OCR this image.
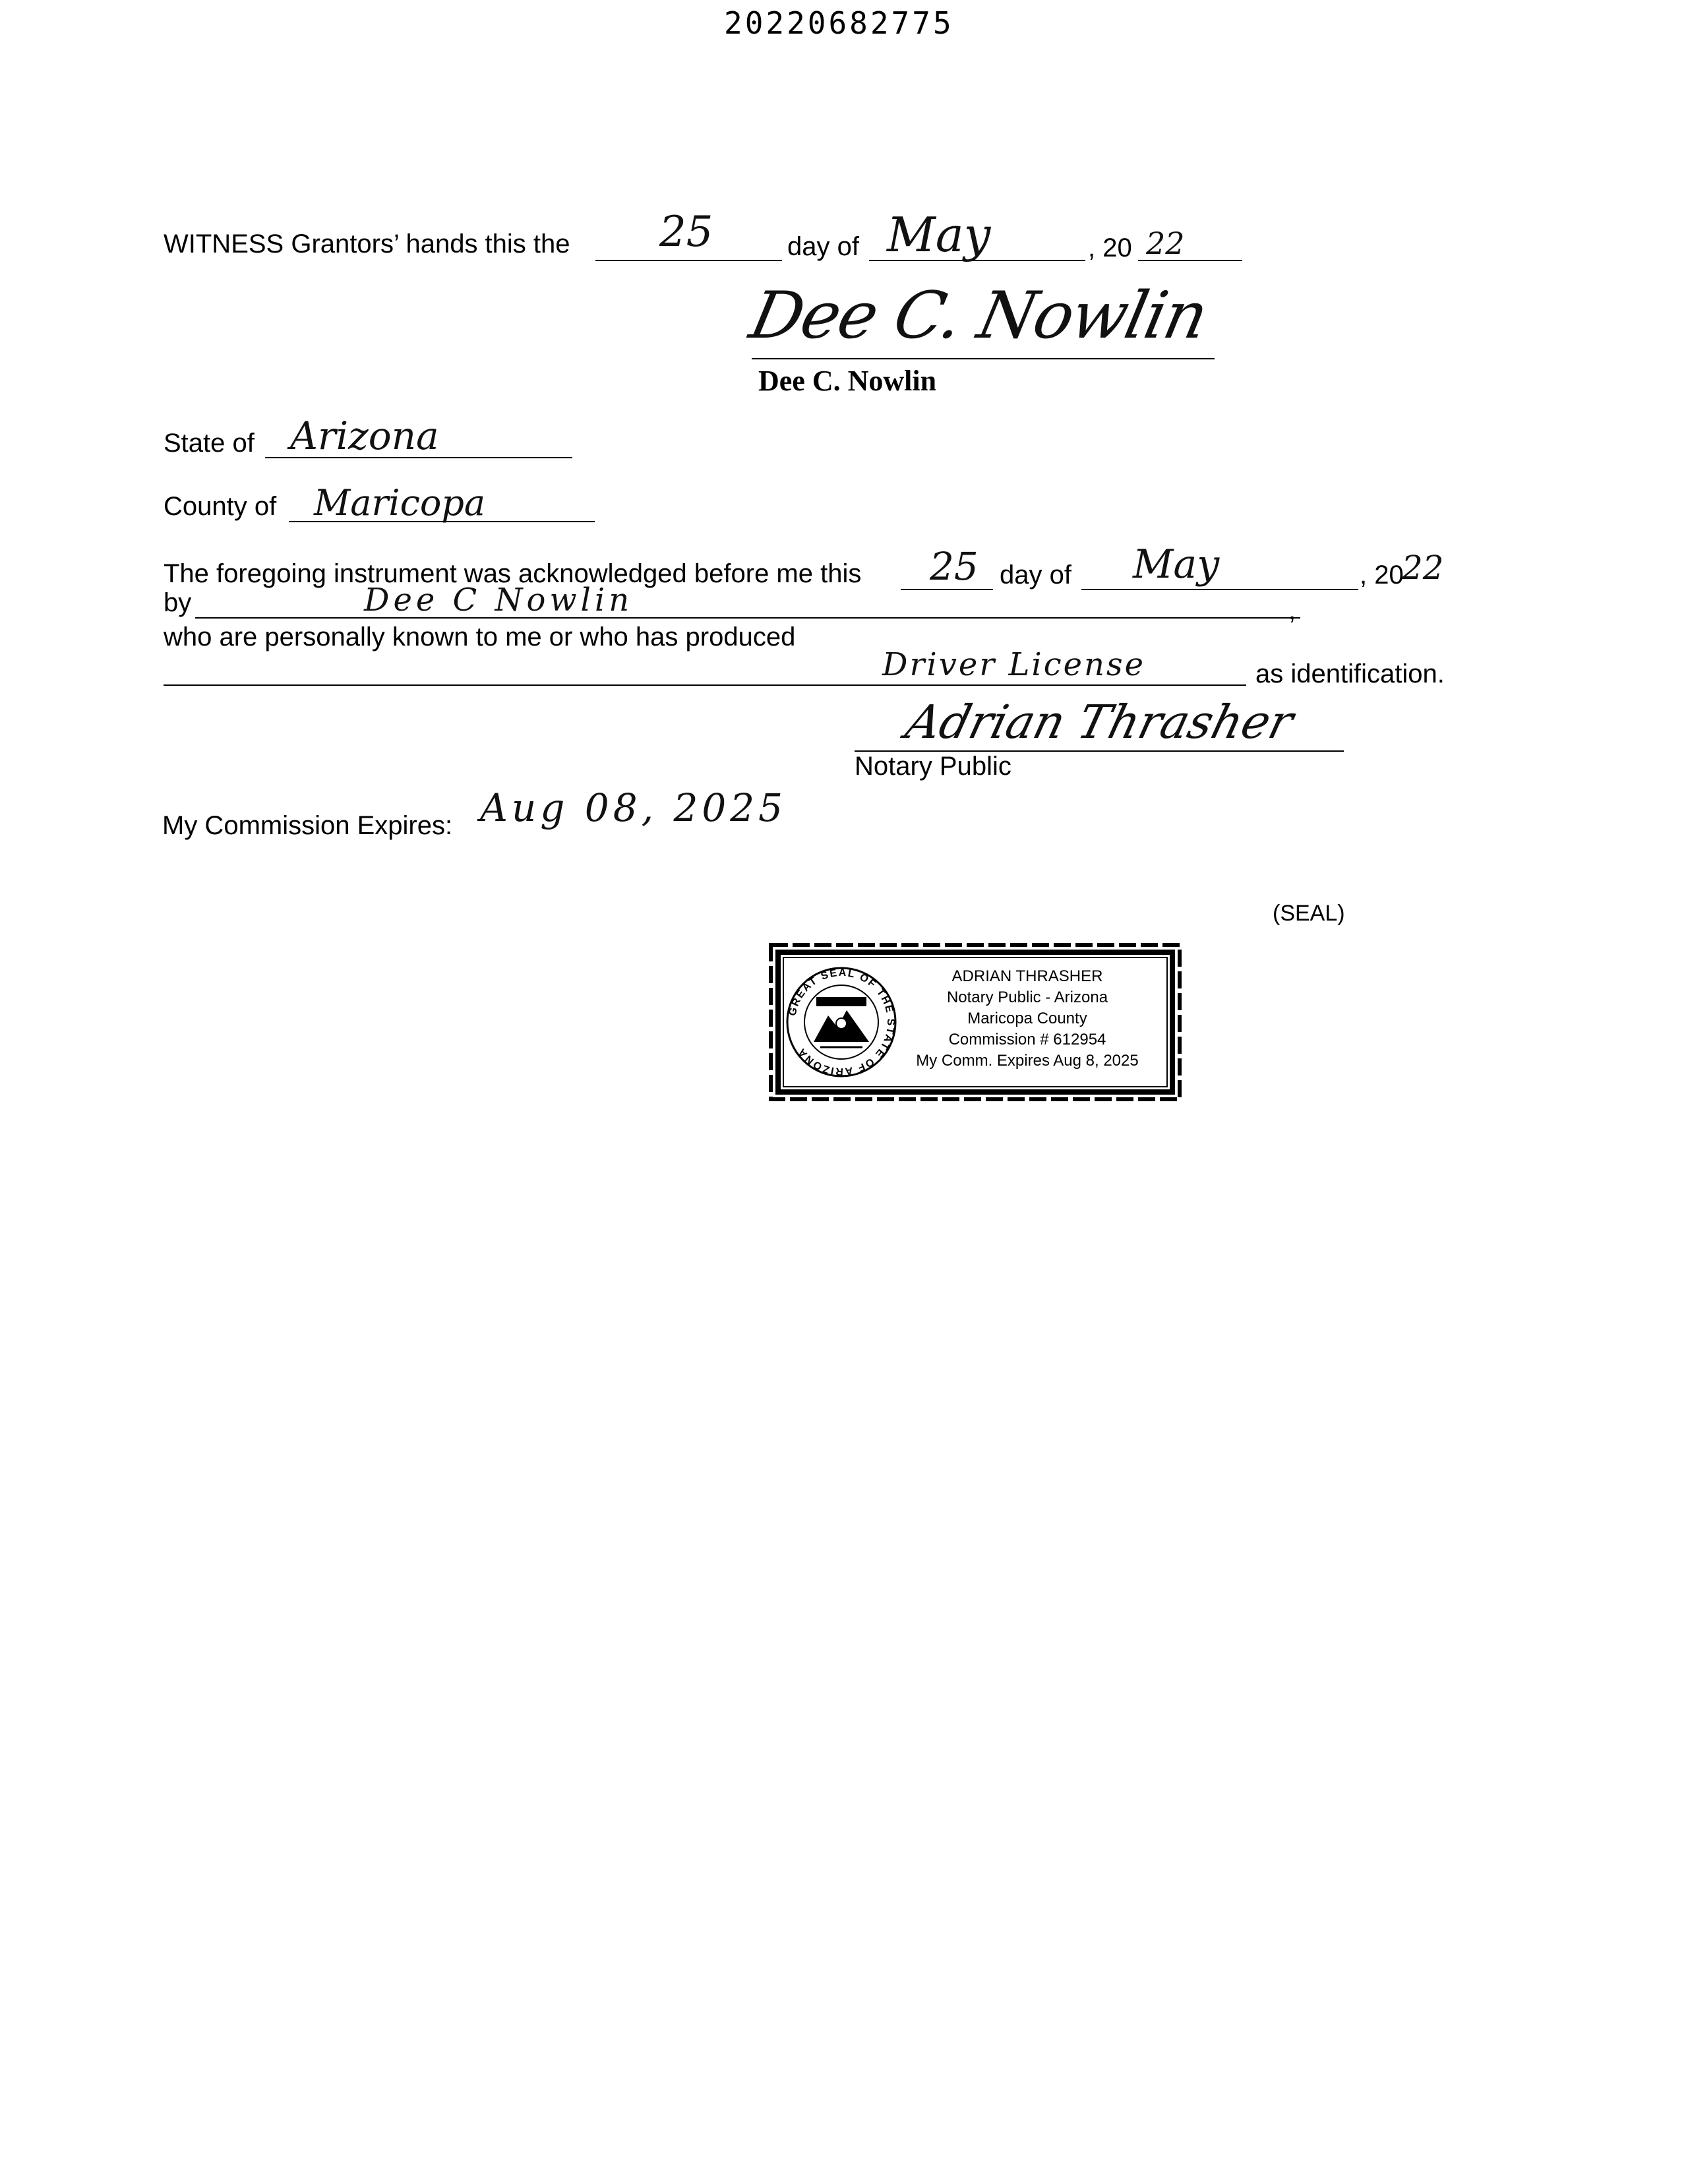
20220682775
WITNESS Grantors’ hands this the 25	day of May	, 20 22
Dee C. Nowlin
Dee C. Nowlin
State of Arizona
County of Maricopa
The foregoing instrument was acknowledged before me this 25 day of May	, 20
22
by	Dee C Nowlin	,
who are personally known to me or who has produced
Driver License	as identification.
Adrian Thrasher
Notary Public
My Commission Expires: Aug 08, 2025
(SEAL)
GREAT SEAL OF THE STATE OF ARIZONA
ADRIAN THRASHER
Notary Public - Arizona
Maricopa County
Commission # 612954
My Comm. Expires Aug 8, 2025
